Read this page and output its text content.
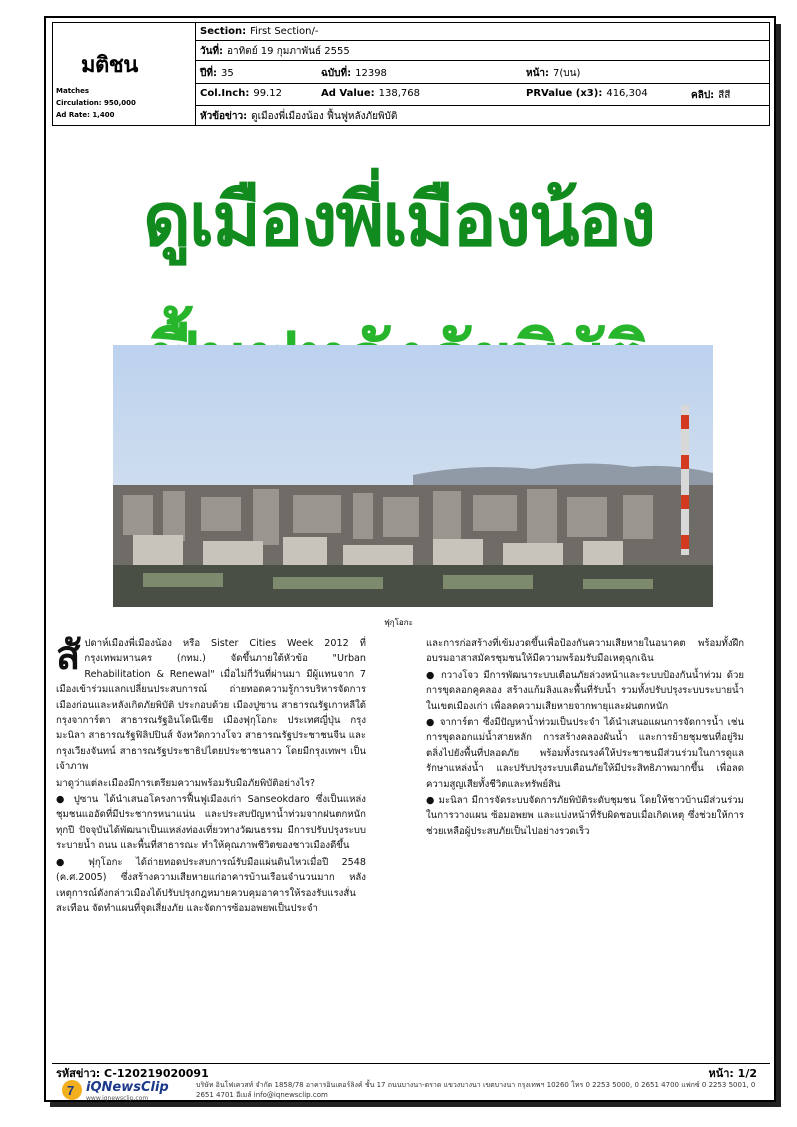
มติชน
Matches
Circulation: 950,000
Ad Rate: 1,400
Section: First Section/-
วันที่: อาทิตย์ 19 กุมภาพันธ์ 2555
ปีที่: 35	ฉบับที่: 12398	หน้า: 7(บน)
Col.Inch: 99.12	Ad Value: 138,768	PRValue (x3): 416,304	คลิป: สีสี
หัวข้อข่าว: ดูเมืองพี่เมืองน้อง ฟื้นฟูหลังภัยพิบัติ
ดูเมืองพี่เมืองน้อง
ฟุกุโอกะ

สัปดาห์เมืองพี่เมืองน้อง หรือ Sister Cities Week 2012 ที่กรุงเทพมหานคร (กทม.) จัดขึ้นภายใต้หัวข้อ "Urban Rehabilitation & Renewal" เมื่อไม่กี่วันที่ผ่านมา มีผู้แทนจาก 7 เมืองเข้าร่วมแลกเปลี่ยนประสบการณ์ ถ่ายทอดความรู้การบริหารจัดการเมืองก่อนและหลังเกิดภัยพิบัติ ประกอบด้วย เมืองปูซาน สาธารณรัฐเกาหลีใต้ กรุงจาการ์ตา สาธารณรัฐอินโดนีเซีย เมืองฟุกุโอกะ ประเทศญี่ปุ่น กรุงมะนิลา สาธารณรัฐฟิลิปปินส์ จังหวัดกวางโจว สาธารณรัฐประชาชนจีน และกรุงเวียงจันทน์ สาธารณรัฐประชาธิปไตยประชาชนลาว โดยมีกรุงเทพฯ เป็นเจ้าภาพ

มาดูว่าแต่ละเมืองมีการเตรียมความพร้อมรับมือภัยพิบัติอย่างไร?

● ปูซาน ได้นำเสนอโครงการฟื้นฟูเมืองเก่า Sanseokdaro ซึ่งเป็นแหล่งชุมชนแออัดที่มีประชากรหนาแน่น และประสบปัญหาน้ำท่วมจากฝนตกหนักทุกปี ปัจจุบันได้พัฒนาเป็นแหล่งท่องเที่ยวทางวัฒนธรรม มีการปรับปรุงระบบระบายน้ำ ถนน และพื้นที่สาธารณะ ทำให้คุณภาพชีวิตของชาวเมืองดีขึ้น

● ฟุกุโอกะ ได้ถ่ายทอดประสบการณ์รับมือแผ่นดินไหวเมื่อปี 2548 (ค.ศ.2005) ซึ่งสร้างความเสียหายแก่อาคารบ้านเรือนจำนวนมาก หลังเหตุการณ์ดังกล่าวเมืองได้ปรับปรุงกฎหมายควบคุมอาคารให้รองรับแรงสั่นสะเทือน จัดทำแผนที่จุดเสี่ยงภัย และจัดการซ้อมอพยพเป็นประจำ

และการก่อสร้างที่เข้มงวดขึ้นเพื่อป้องกันความเสียหายในอนาคต พร้อมทั้งฝึกอบรมอาสาสมัครชุมชนให้มีความพร้อมรับมือเหตุฉุกเฉิน

● กวางโจว มีการพัฒนาระบบเตือนภัยล่วงหน้าและระบบป้องกันน้ำท่วม ด้วยการขุดลอกคูคลอง สร้างแก้มลิงและพื้นที่รับน้ำ รวมทั้งปรับปรุงระบบระบายน้ำในเขตเมืองเก่า เพื่อลดความเสียหายจากพายุและฝนตกหนัก

● จาการ์ตา ซึ่งมีปัญหาน้ำท่วมเป็นประจำ ได้นำเสนอแผนการจัดการน้ำ เช่น การขุดลอกแม่น้ำสายหลัก การสร้างคลองผันน้ำ และการย้ายชุมชนที่อยู่ริมตลิ่งไปยังพื้นที่ปลอดภัย พร้อมทั้งรณรงค์ให้ประชาชนมีส่วนร่วมในการดูแลรักษาแหล่งน้ำ และปรับปรุงระบบเตือนภัยให้มีประสิทธิภาพมากขึ้น เพื่อลดความสูญเสียทั้งชีวิตและทรัพย์สิน

● มะนิลา มีการจัดระบบจัดการภัยพิบัติระดับชุมชน โดยให้ชาวบ้านมีส่วนร่วมในการวางแผน ซ้อมอพยพ และแบ่งหน้าที่รับผิดชอบเมื่อเกิดเหตุ ซึ่งช่วยให้การช่วยเหลือผู้ประสบภัยเป็นไปอย่างรวดเร็ว

รหัสข่าว: C-120219020091	หน้า: 1/2
7 iQNewsClip
www.iqnewsclip.com
บริษัท อินโฟเควสท์ จำกัด 1858/78 อาคารอินเตอร์ลิงค์ ชั้น 17 ถนนบางนา-ตราด แขวงบางนา เขตบางนา กรุงเทพฯ 10260 โทร 0 2253 5000, 0 2651 4700 แฟกซ์ 0 2253 5001, 0 2651 4701 อีเมล์ info@iqnewsclip.com
